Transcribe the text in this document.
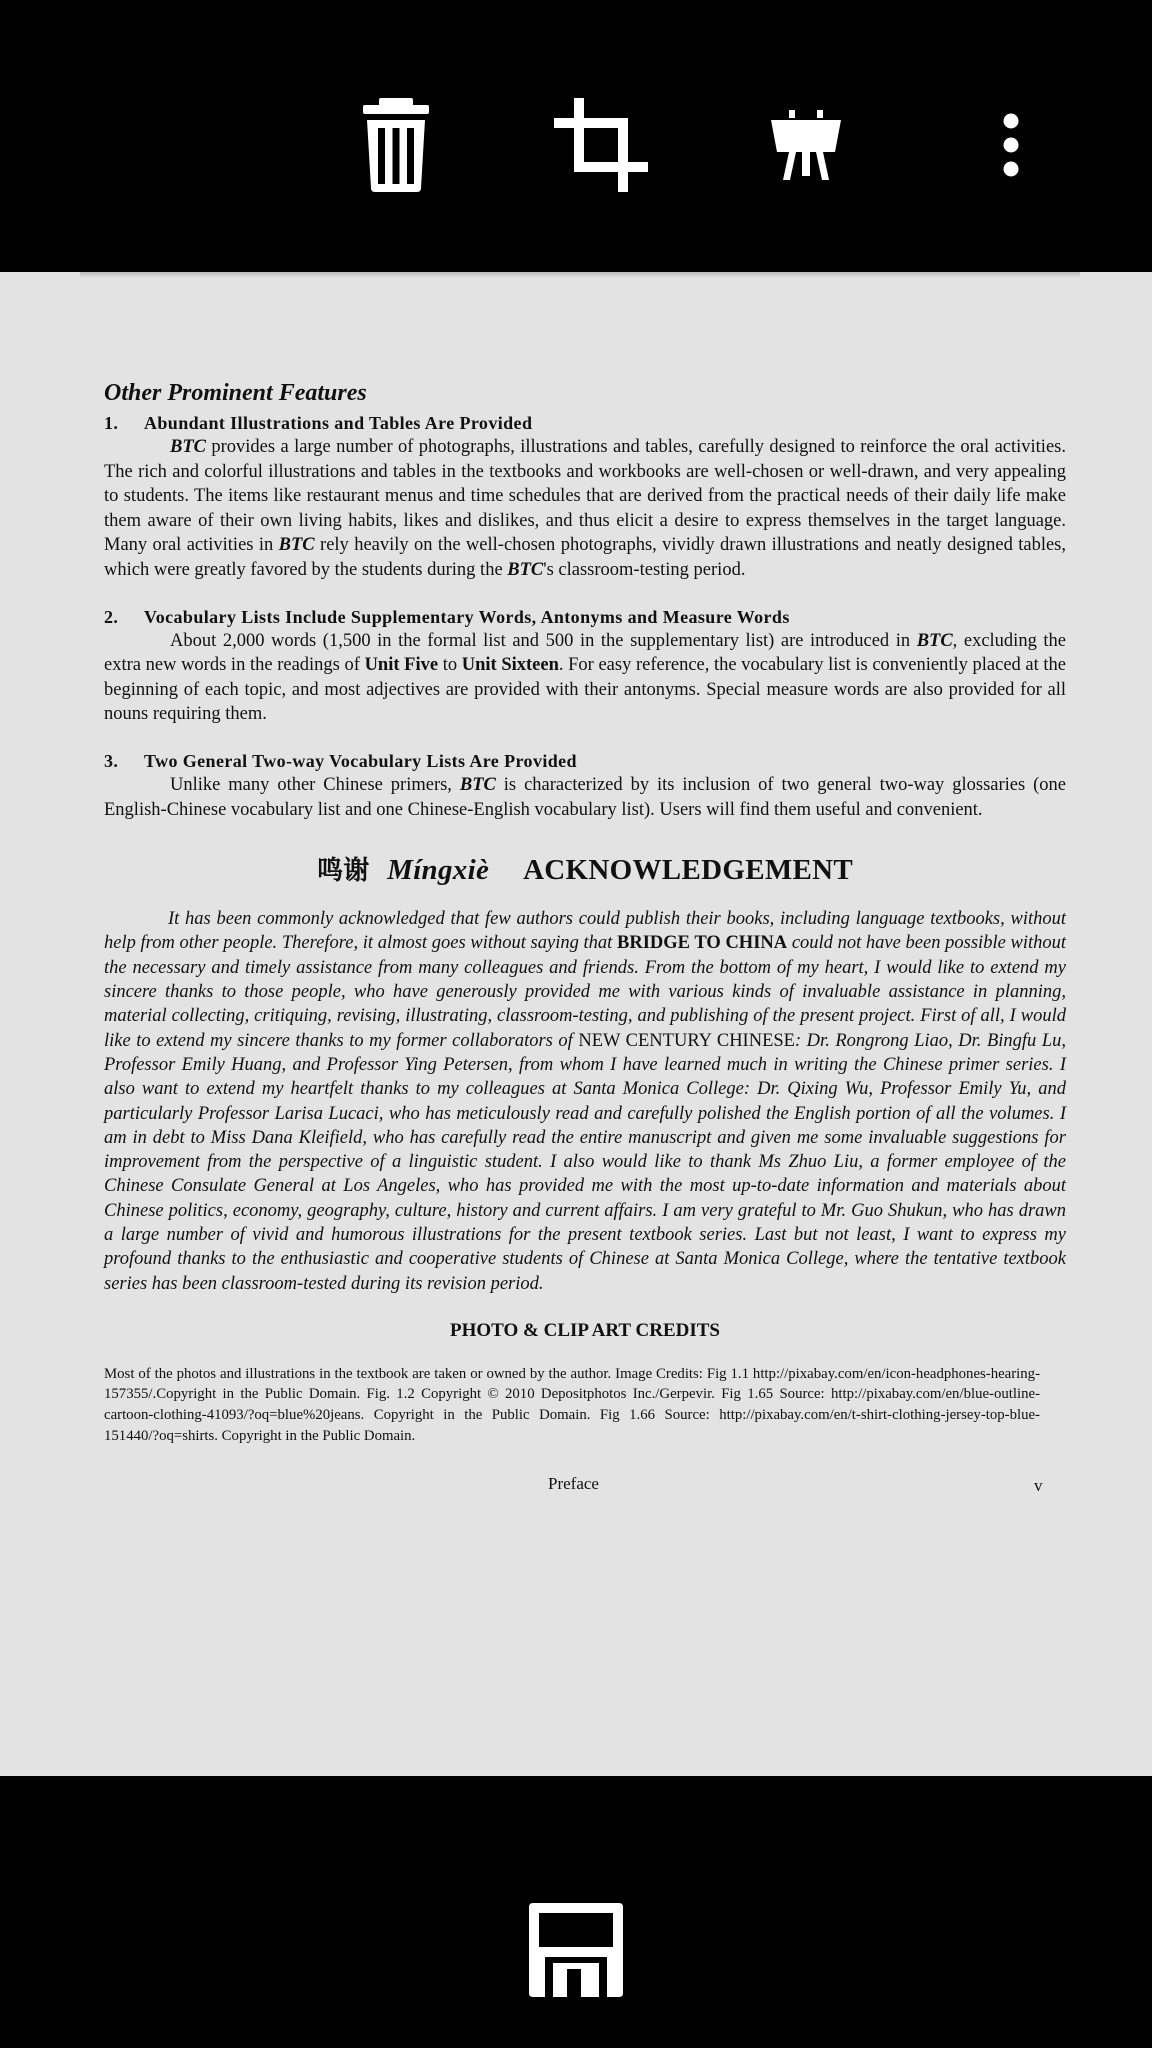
Other Prominent Features

1. Abundant Illustrations and Tables Are Provided

BTC provides a large number of photographs, illustrations and tables, carefully designed to reinforce the oral activities. The rich and colorful illustrations and tables in the textbooks and workbooks are well-chosen or well-drawn, and very appealing to students. The items like restaurant menus and time schedules that are derived from the practical needs of their daily life make them aware of their own living habits, likes and dislikes, and thus elicit a desire to express themselves in the target language. Many oral activities in BTC rely heavily on the well-chosen photographs, vividly drawn illustrations and neatly designed tables, which were greatly favored by the students during the BTC's classroom-testing period.

2. Vocabulary Lists Include Supplementary Words, Antonyms and Measure Words

About 2,000 words (1,500 in the formal list and 500 in the supplementary list) are introduced in BTC, excluding the extra new words in the readings of Unit Five to Unit Sixteen. For easy reference, the vocabulary list is conveniently placed at the beginning of each topic, and most adjectives are provided with their antonyms. Special measure words are also provided for all nouns requiring them.

3. Two General Two-way Vocabulary Lists Are Provided

Unlike many other Chinese primers, BTC is characterized by its inclusion of two general two-way glossaries (one English-Chinese vocabulary list and one Chinese-English vocabulary list). Users will find them useful and convenient.

鸣谢 Míngxiè ACKNOWLEDGEMENT

It has been commonly acknowledged that few authors could publish their books, including language textbooks, without help from other people. Therefore, it almost goes without saying that BRIDGE TO CHINA could not have been possible without the necessary and timely assistance from many colleagues and friends. From the bottom of my heart, I would like to extend my sincere thanks to those people, who have generously provided me with various kinds of invaluable assistance in planning, material collecting, critiquing, revising, illustrating, classroom-testing, and publishing of the present project. First of all, I would like to extend my sincere thanks to my former collaborators of NEW CENTURY CHINESE: Dr. Rongrong Liao, Dr. Bingfu Lu, Professor Emily Huang, and Professor Ying Petersen, from whom I have learned much in writing the Chinese primer series. I also want to extend my heartfelt thanks to my colleagues at Santa Monica College: Dr. Qixing Wu, Professor Emily Yu, and particularly Professor Larisa Lucaci, who has meticulously read and carefully polished the English portion of all the volumes. I am in debt to Miss Dana Kleifield, who has carefully read the entire manuscript and given me some invaluable suggestions for improvement from the perspective of a linguistic student. I also would like to thank Ms Zhuo Liu, a former employee of the Chinese Consulate General at Los Angeles, who has provided me with the most up-to-date information and materials about Chinese politics, economy, geography, culture, history and current affairs. I am very grateful to Mr. Guo Shukun, who has drawn a large number of vivid and humorous illustrations for the present textbook series. Last but not least, I want to express my profound thanks to the enthusiastic and cooperative students of Chinese at Santa Monica College, where the tentative textbook series has been classroom-tested during its revision period.

PHOTO & CLIP ART CREDITS

Most of the photos and illustrations in the textbook are taken or owned by the author. Image Credits: Fig 1.1 http://pixabay.com/en/icon-headphones-hearing-157355/.Copyright in the Public Domain. Fig. 1.2 Copyright © 2010 Depositphotos Inc./Gerpevir. Fig 1.65 Source: http://pixabay.com/en/blue-outline-cartoon-clothing-41093/?oq=blue%20jeans. Copyright in the Public Domain. Fig 1.66 Source: http://pixabay.com/en/t-shirt-clothing-jersey-top-blue-151440/?oq=shirts. Copyright in the Public Domain.

Preface	v
